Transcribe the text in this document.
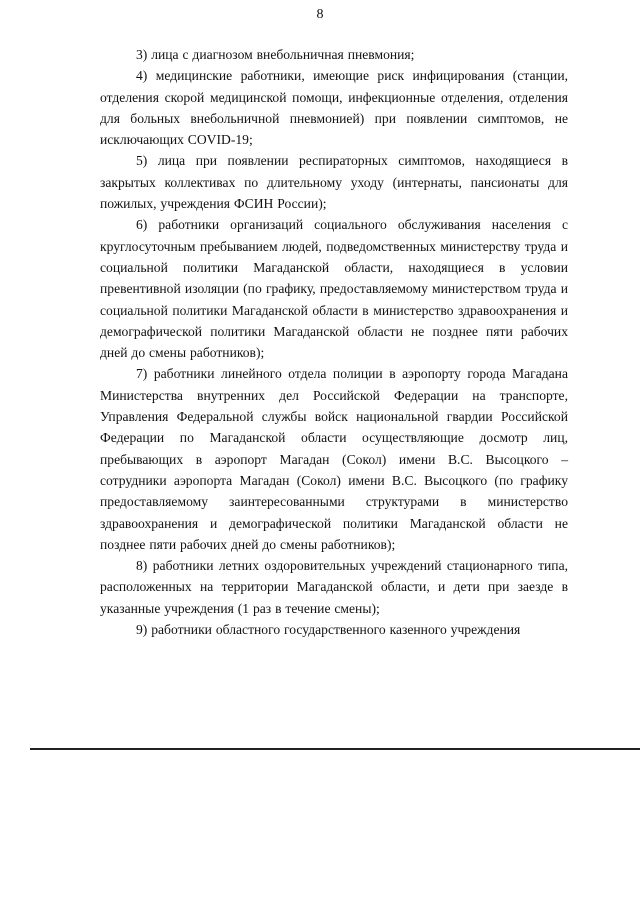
8

3) лица с диагнозом внебольничная пневмония;

4) медицинские работники, имеющие риск инфицирования (станции, отделения скорой медицинской помощи, инфекционные отделения, отделения для больных внебольничной пневмонией) при появлении симптомов, не исключающих COVID-19;

5) лица при появлении респираторных симптомов, находящиеся в закрытых коллективах по длительному уходу (интернаты, пансионаты для пожилых, учреждения ФСИН России);

6) работники организаций социального обслуживания населения с круглосуточным пребыванием людей, подведомственных министерству труда и социальной политики Магаданской области, находящиеся в условии превентивной изоляции (по графику, предоставляемому министерством труда и социальной политики Магаданской области в министерство здравоохранения и демографической политики Магаданской области не позднее пяти рабочих дней до смены работников);

7) работники линейного отдела полиции в аэропорту города Магадана Министерства внутренних дел Российской Федерации на транспорте, Управления Федеральной службы войск национальной гвардии Российской Федерации по Магаданской области осуществляющие досмотр лиц, пребывающих в аэропорт Магадан (Сокол) имени В.С. Высоцкого – сотрудники аэропорта Магадан (Сокол) имени В.С. Высоцкого (по графику предоставляемому заинтересованными структурами в министерство здравоохранения и демографической политики Магаданской области не позднее пяти рабочих дней до смены работников);

8) работники летних оздоровительных учреждений стационарного типа, расположенных на территории Магаданской области, и дети при заезде в указанные учреждения (1 раз в течение смены);

9) работники областного государственного казенного учреждения
